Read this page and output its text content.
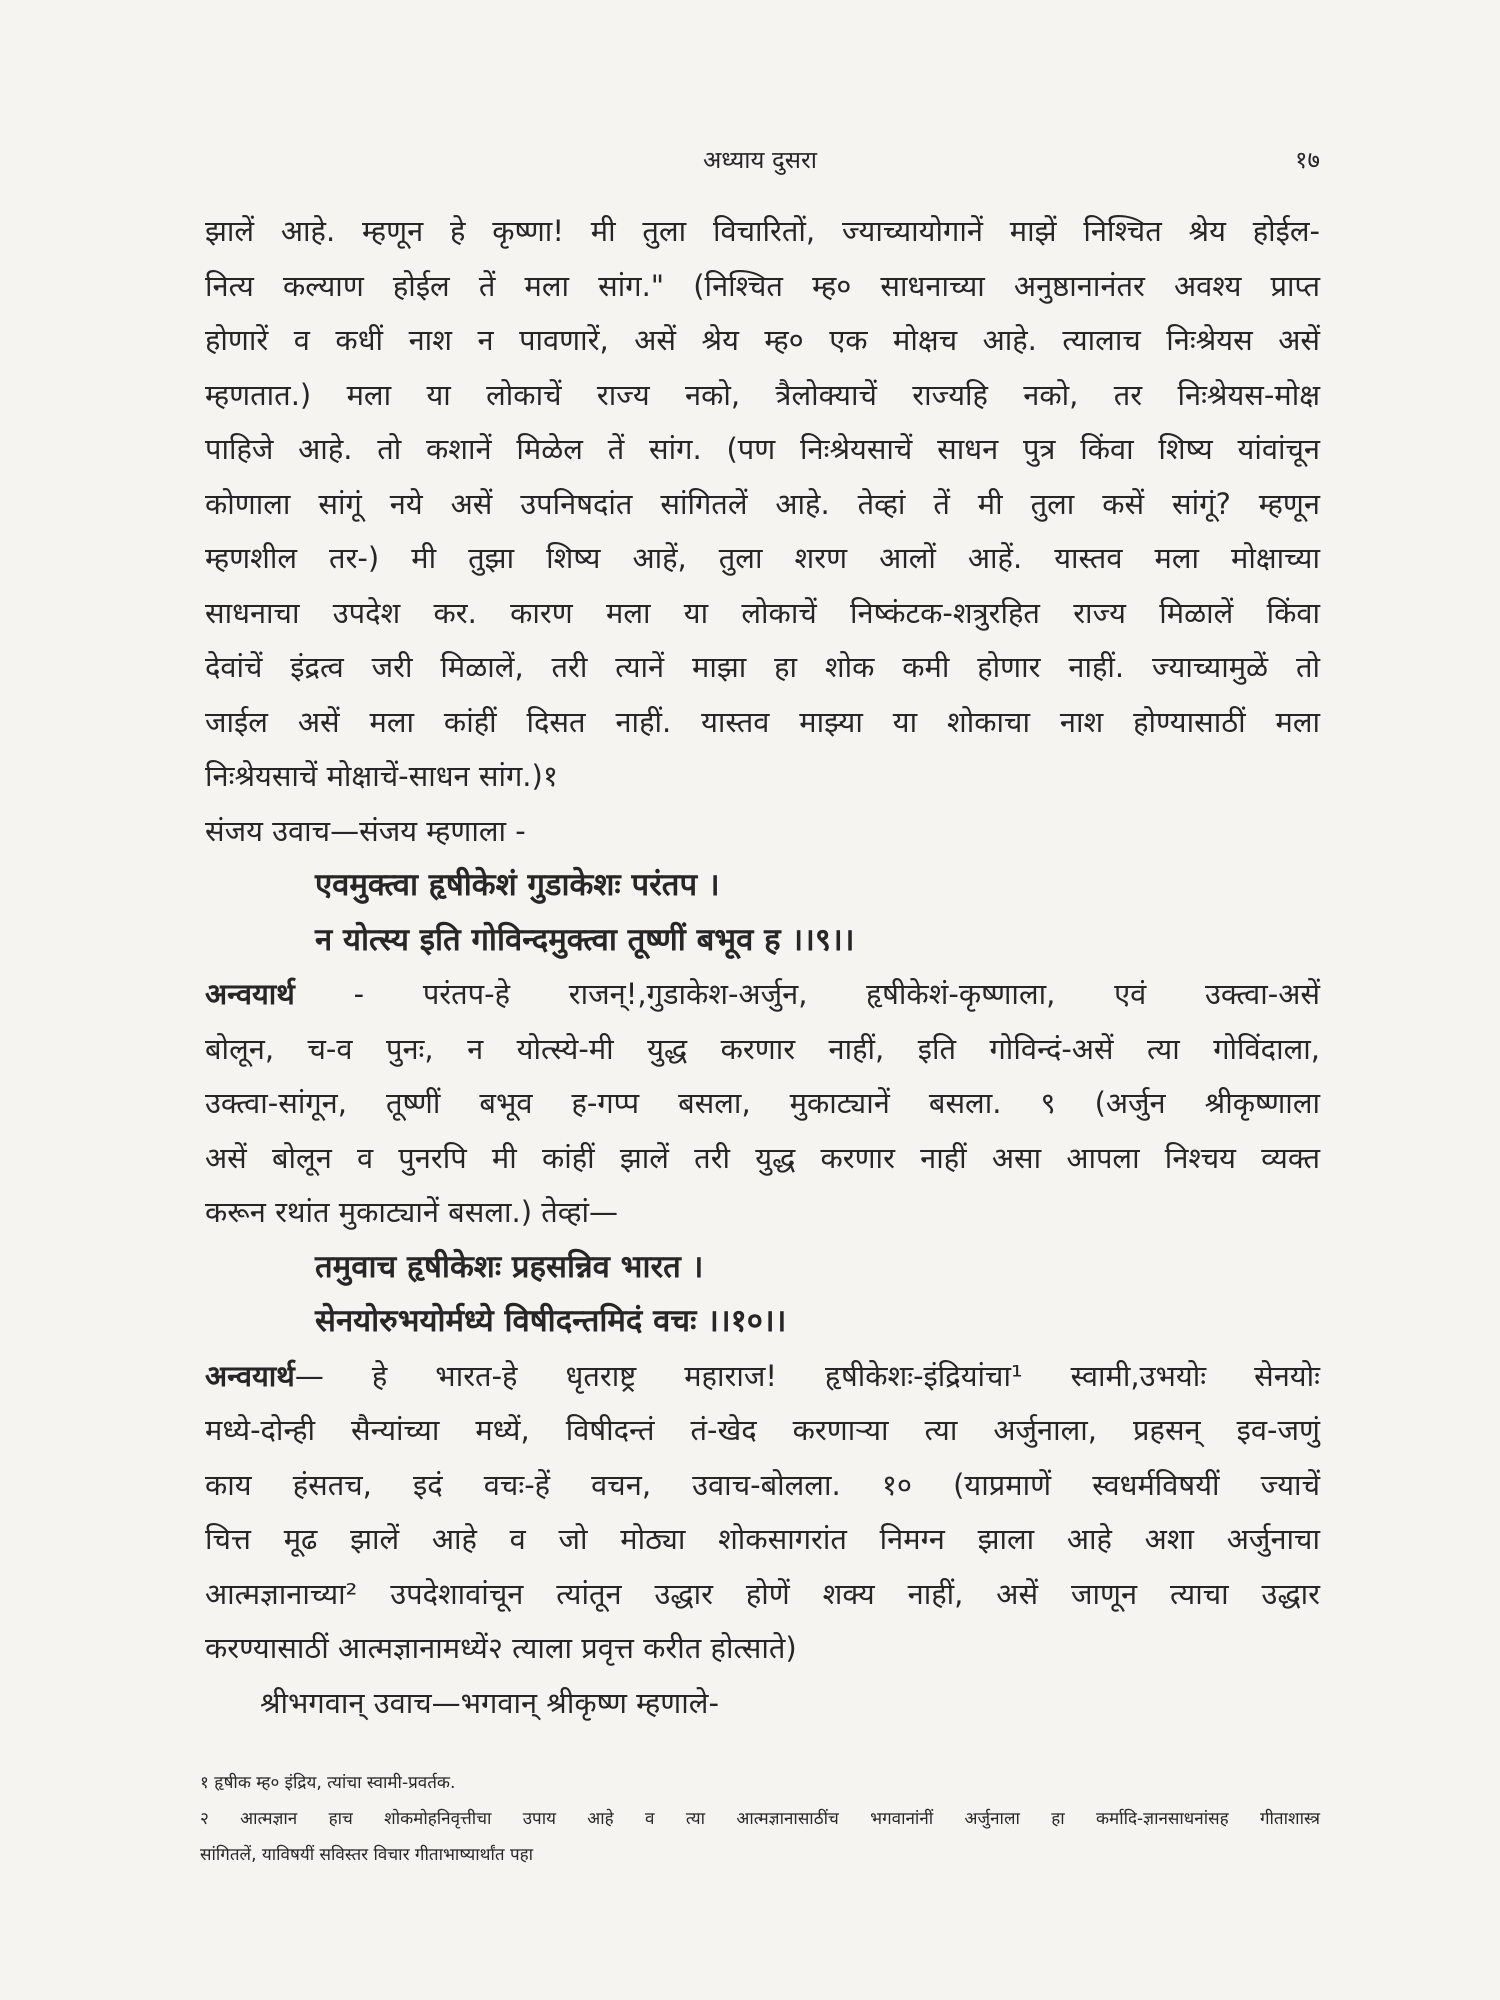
अध्याय दुसरा	१७
झालें आहे. म्हणून हे कृष्णा! मी तुला विचारितों, ज्याच्यायोगानें माझें निश्चित श्रेय होईल-
नित्य कल्याण होईल तें मला सांग." (निश्चित म्ह० साधनाच्या अनुष्ठानानंतर अवश्य प्राप्त
होणारें व कधीं नाश न पावणारें, असें श्रेय म्ह० एक मोक्षच आहे. त्यालाच निःश्रेयस असें
म्हणतात.) मला या लोकाचें राज्य नको, त्रैलोक्याचें राज्यहि नको, तर निःश्रेयस-मोक्ष
पाहिजे आहे. तो कशानें मिळेल तें सांग. (पण निःश्रेयसाचें साधन पुत्र किंवा शिष्य यांवांचून
कोणाला सांगूं नये असें उपनिषदांत सांगितलें आहे. तेव्हां तें मी तुला कसें सांगूं? म्हणून
म्हणशील तर-) मी तुझा शिष्य आहें, तुला शरण आलों आहें. यास्तव मला मोक्षाच्या
साधनाचा उपदेश कर. कारण मला या लोकाचें निष्कंटक-शत्रुरहित राज्य मिळालें किंवा
देवांचें इंद्रत्व जरी मिळालें, तरी त्यानें माझा हा शोक कमी होणार नाहीं. ज्याच्यामुळें तो
जाईल असें मला कांहीं दिसत नाहीं. यास्तव माझ्या या शोकाचा नाश होण्यासाठीं मला
निःश्रेयसाचें मोक्षाचें-साधन सांग.)१
संजय उवाच—संजय म्हणाला -
एवमुक्त्वा हृषीकेशं गुडाकेशः परंतप ।
न योत्स्य इति गोविन्दमुक्त्वा तूष्णीं बभूव ह ।।९।।
अन्वयार्थ - परंतप-हे राजन्!,गुडाकेश-अर्जुन, हृषीकेशं-कृष्णाला, एवं उक्त्वा-असें
बोलून, च-व पुनः, न योत्स्ये-मी युद्ध करणार नाहीं, इति गोविन्दं-असें त्या गोविंदाला,
उक्त्वा-सांगून, तूष्णीं बभूव ह-गप्प बसला, मुकाट्यानें बसला. ९ (अर्जुन श्रीकृष्णाला
असें बोलून व पुनरपि मी कांहीं झालें तरी युद्ध करणार नाहीं असा आपला निश्चय व्यक्त
करून रथांत मुकाट्यानें बसला.) तेव्हां—
तमुवाच हृषीकेशः प्रहसन्निव भारत ।
सेनयोरुभयोर्मध्ये विषीदन्तमिदं वचः ।।१०।।
अन्वयार्थ— हे भारत-हे धृतराष्ट्र महाराज! हृषीकेशः-इंद्रियांचा¹ स्वामी,उभयोः सेनयोः
मध्ये-दोन्ही सैन्यांच्या मध्यें, विषीदन्तं तं-खेद करणाऱ्या त्या अर्जुनाला, प्रहसन् इव-जणुं
काय हंसतच, इदं वचः-हें वचन, उवाच-बोलला. १० (याप्रमाणें स्वधर्मविषयीं ज्याचें
चित्त मूढ झालें आहे व जो मोठ्या शोकसागरांत निमग्न झाला आहे अशा अर्जुनाचा
आत्मज्ञानाच्या² उपदेशावांचून त्यांतून उद्धार होणें शक्य नाहीं, असें जाणून त्याचा उद्धार
करण्यासाठीं आत्मज्ञानामध्यें२ त्याला प्रवृत्त करीत होत्साते)
श्रीभगवान् उवाच—भगवान् श्रीकृष्ण म्हणाले-
१ हृषीक म्ह० इंद्रिय, त्यांचा स्वामी-प्रवर्तक.
२ आत्मज्ञान हाच शोकमोहनिवृत्तीचा उपाय आहे व त्या आत्मज्ञानासाठींच भगवानांनीं अर्जुनाला हा कर्मादि-ज्ञानसाधनांसह गीताशास्त्र
सांगितलें, याविषयीं सविस्तर विचार गीताभाष्यार्थांत पहा
